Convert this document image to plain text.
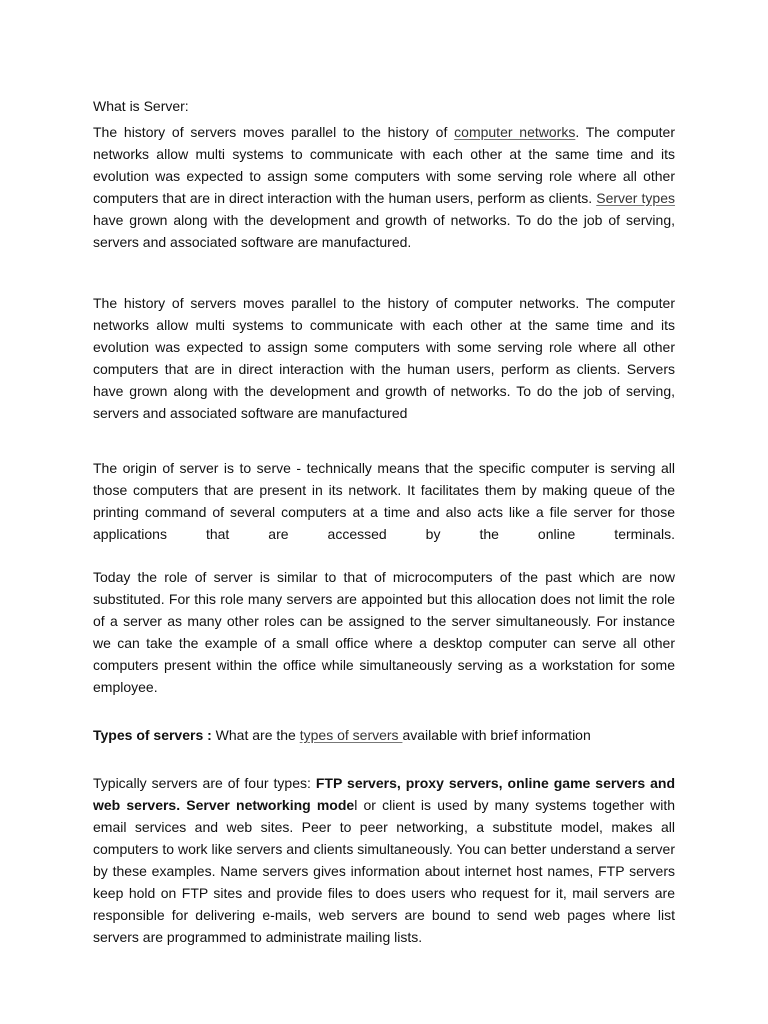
What is Server:

The history of servers moves parallel to the history of computer networks. The computer networks allow multi systems to communicate with each other at the same time and its evolution was expected to assign some computers with some serving role where all other computers that are in direct interaction with the human users, perform as clients. Server types have grown along with the development and growth of networks. To do the job of serving, servers and associated software are manufactured.

The history of servers moves parallel to the history of computer networks. The computer networks allow multi systems to communicate with each other at the same time and its evolution was expected to assign some computers with some serving role where all other computers that are in direct interaction with the human users, perform as clients. Servers have grown along with the development and growth of networks. To do the job of serving, servers and associated software are manufactured

The origin of server is to serve - technically means that the specific computer is serving all those computers that are present in its network. It facilitates them by making queue of the printing command of several computers at a time and also acts like a file server for those applications that are accessed by the online terminals.

Today the role of server is similar to that of microcomputers of the past which are now substituted. For this role many servers are appointed but this allocation does not limit the role of a server as many other roles can be assigned to the server simultaneously. For instance we can take the example of a small office where a desktop computer can serve all other computers present within the office while simultaneously serving as a workstation for some employee.

Types of servers : What are the types of servers available with brief information

Typically servers are of four types: FTP servers, proxy servers, online game servers and web servers. Server networking model or client is used by many systems together with email services and web sites. Peer to peer networking, a substitute model, makes all computers to work like servers and clients simultaneously. You can better understand a server by these examples. Name servers gives information about internet host names, FTP servers keep hold on FTP sites and provide files to does users who request for it, mail servers are responsible for delivering e-mails, web servers are bound to send web pages where list servers are programmed to administrate mailing lists.
